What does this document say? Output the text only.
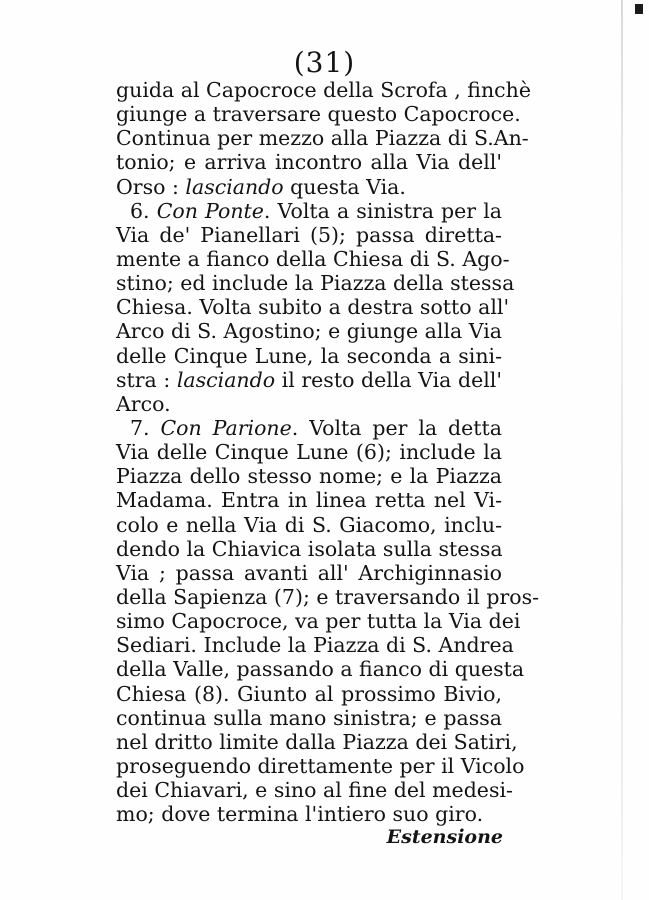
(31)
guida al Capocroce della Scrofa , finchè
giunge a traversare questo Capocroce.
Continua per mezzo alla Piazza di S.An-
tonio; e arriva incontro alla Via dell'
Orso : lasciando questa Via.
6. Con Ponte. Volta a sinistra per la
Via de' Pianellari (5); passa diretta-
mente a fianco della Chiesa di S. Ago-
stino; ed include la Piazza della stessa
Chiesa. Volta subito a destra sotto all'
Arco di S. Agostino; e giunge alla Via
delle Cinque Lune, la seconda a sini-
stra : lasciando il resto della Via dell'
Arco.
7. Con Parione. Volta per la detta
Via delle Cinque Lune (6); include la
Piazza dello stesso nome; e la Piazza
Madama. Entra in linea retta nel Vi-
colo e nella Via di S. Giacomo, inclu-
dendo la Chiavica isolata sulla stessa
Via ; passa avanti all' Archiginnasio
della Sapienza (7); e traversando il pros-
simo Capocroce, va per tutta la Via dei
Sediari. Include la Piazza di S. Andrea
della Valle, passando a fianco di questa
Chiesa (8). Giunto al prossimo Bivio,
continua sulla mano sinistra; e passa
nel dritto limite dalla Piazza dei Satiri,
proseguendo direttamente per il Vicolo
dei Chiavari, e sino al fine del medesi-
mo; dove termina l'intiero suo giro.
Estensione
